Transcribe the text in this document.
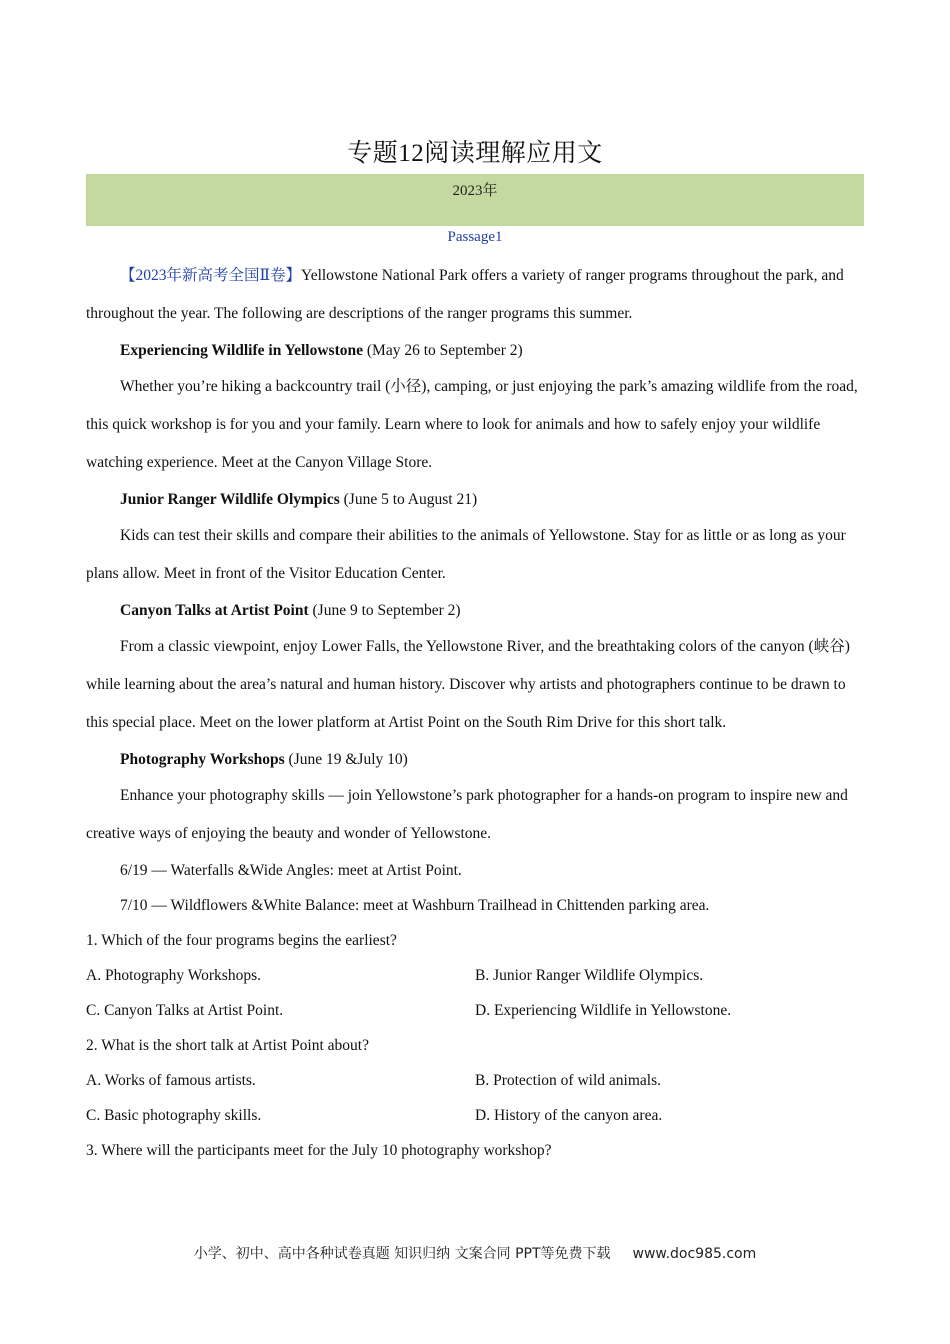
专题12阅读理解应用文
2023年
Passage1

【2023年新高考全国Ⅱ卷】Yellowstone National Park offers a variety of ranger programs throughout the park, and throughout the year. The following are descriptions of the ranger programs this summer.

Experiencing Wildlife in Yellowstone (May 26 to September 2)

Whether you’re hiking a backcountry trail (小径), camping, or just enjoying the park’s amazing wildlife from the road, this quick workshop is for you and your family. Learn where to look for animals and how to safely enjoy your wildlife watching experience. Meet at the Canyon Village Store.

Junior Ranger Wildlife Olympics (June 5 to August 21)

Kids can test their skills and compare their abilities to the animals of Yellowstone. Stay for as little or as long as your plans allow. Meet in front of the Visitor Education Center.

Canyon Talks at Artist Point (June 9 to September 2)

From a classic viewpoint, enjoy Lower Falls, the Yellowstone River, and the breathtaking colors of the canyon (峡谷) while learning about the area’s natural and human history. Discover why artists and photographers continue to be drawn to this special place. Meet on the lower platform at Artist Point on the South Rim Drive for this short talk.

Photography Workshops (June 19 &July 10)

Enhance your photography skills — join Yellowstone’s park photographer for a hands-on program to inspire new and creative ways of enjoying the beauty and wonder of Yellowstone.

6/19 — Waterfalls &Wide Angles: meet at Artist Point.

7/10 — Wildflowers &White Balance: meet at Washburn Trailhead in Chittenden parking area.

1. Which of the four programs begins the earliest?

A. Photography Workshops.	B. Junior Ranger Wildlife Olympics.
C. Canyon Talks at Artist Point.	D. Experiencing Wildlife in Yellowstone.

2. What is the short talk at Artist Point about?

A. Works of famous artists.	B. Protection of wild animals.
C. Basic photography skills.	D. History of the canyon area.

3. Where will the participants meet for the July 10 photography workshop?

小学、初中、高中各种试卷真题 知识归纳 文案合同 PPT等免费下载 www.doc985.com
